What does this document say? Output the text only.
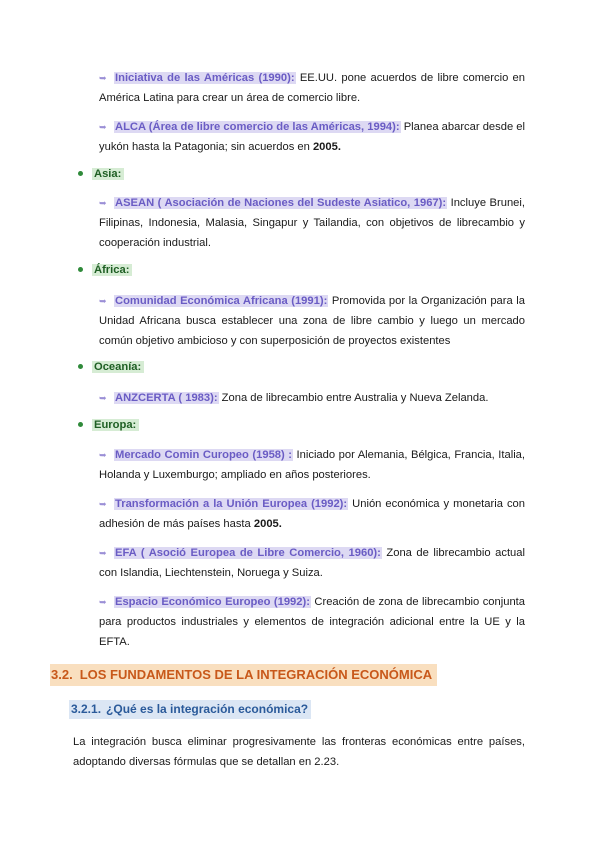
➥ Iniciativa de las Américas (1990): EE.UU. pone acuerdos de libre comercio en América Latina para crear un área de comercio libre.
➥ ALCA (Área de libre comercio de las Américas, 1994): Planea abarcar desde el yukón hasta la Patagonia; sin acuerdos en 2005.
Asia:
➥ ASEAN ( Asociación de Naciones del Sudeste Asiatico, 1967): Incluye Brunei, Filipinas, Indonesia, Malasia, Singapur y Tailandia, con objetivos de librecambio y cooperación industrial.
África:
➥ Comunidad Económica Africana (1991): Promovida por la Organización para la Unidad Africana busca establecer una zona de libre cambio y luego un mercado común objetivo ambicioso y con superposición de proyectos existentes
Oceanía:
➥ ANZCERTA ( 1983): Zona de librecambio entre Australia y Nueva Zelanda.
Europa:
➥ Mercado Comin Curopeo (1958) : Iniciado por Alemania, Bélgica, Francia, Italia, Holanda y Luxemburgo; ampliado en años posteriores.
➥ Transformación a la Unión Europea (1992): Unión económica y monetaria con adhesión de más países hasta 2005.
➥ EFA ( Asoció Europea de Libre Comercio, 1960): Zona de librecambio actual con Islandia, Liechtenstein, Noruega y Suiza.
➥ Espacio Económico Europeo (1992): Creación de zona de librecambio conjunta para productos industriales y elementos de integración adicional entre la UE y la EFTA.
3.2. LOS FUNDAMENTOS DE LA INTEGRACIÓN ECONÓMICA
3.2.1. ¿Qué es la integración económica?
La integración busca eliminar progresivamente las fronteras económicas entre países, adoptando diversas fórmulas que se detallan en 2.23.
